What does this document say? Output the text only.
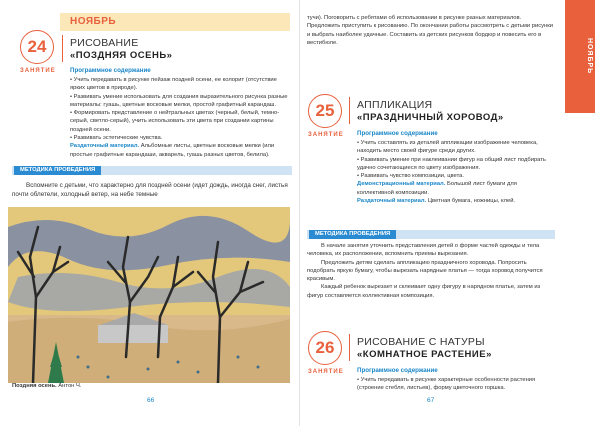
24
ЗАНЯТИЕ
НОЯБРЬ
РИСОВАНИЕ
«ПОЗДНЯЯ ОСЕНЬ»
Программное содержание

• Учить передавать в рисунке пейзаж поздней осени, ее колорит (отсутствие ярких цветов в природе).

• Развивать умение использовать для создания выразительного рисунка разные материалы: гуашь, цветные восковые мелки, простой графитный карандаш.

• Формировать представление о нейтральных цветах (черный, белый, темно-серый, светло-серый), учить использовать эти цвета при создании картины поздней осени.

• Развивать эстетические чувства.

Раздаточный материал. Альбомные листы, цветные восковые мелки (или простые графитные карандаши, акварель, гуашь разных цветов, белила).

МЕТОДИКА ПРОВЕДЕНИЯ
Вспомните с детьми, что характерно для поздней осени (идет дождь, иногда снег, листья почти облетели, холодный ветер, на небе темные
Поздняя осень. Антон Ч.
66
тучи). Поговорить с ребятами об использовании в рисунке разных материалов. Предложить приступить к рисованию. По окончании работы рассмотреть с детьми рисунки и выбрать наиболее удачные. Составить из детских рисунков бордюр и повесить его в вестибюле.
25
ЗАНЯТИЕ
АППЛИКАЦИЯ
«ПРАЗДНИЧНЫЙ ХОРОВОД»
Программное содержание

• Учить составлять из деталей аппликации изображение человека, находить место своей фигуре среди других.

• Развивать умение при наклеивании фигур на общий лист подбирать удачно сочетающиеся по цвету изображения.

• Развивать чувство композиции, цвета.

Демонстрационный материал. Большой лист бумаги для коллективной композиции.

Раздаточный материал. Цветная бумага, ножницы, клей.

МЕТОДИКА ПРОВЕДЕНИЯ

В начале занятия уточнить представления детей о форме частей одежды и тела человека, их расположении, вспомнить приемы вырезания.

Предложить детям сделать аппликацию праздничного хоровода. Попросить подобрать яркую бумагу, чтобы вырезать нарядные платья — тогда хоровод получится красивым.

Каждый ребенок вырезает и склеивает одну фигуру в нарядном платье, затем из фигур составляется коллективная композиция.

26
ЗАНЯТИЕ
РИСОВАНИЕ С НАТУРЫ
«КОМНАТНОЕ РАСТЕНИЕ»
Программное содержание
• Учить передавать в рисунке характерные особенности растения (строение стебля, листьев), форму цветочного горшка.
67
НОЯБРЬ
